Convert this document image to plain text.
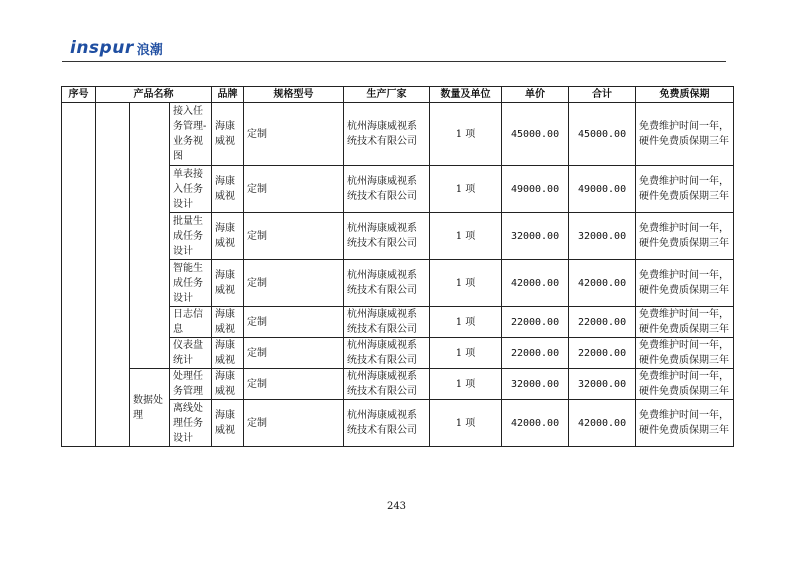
inspur 浪潮
序号	产品名称			品牌	规格型号	生产厂家	数量及单位	单价	合计	免费质保期
			接入任务管理-业务视图	海康威视	定制	杭州海康威视系统技术有限公司	1 项	45000.00	45000.00	免费维护时间一年，硬件免费质保期三年
			单表接入任务设计	海康威视	定制	杭州海康威视系统技术有限公司	1 项	49000.00	49000.00	免费维护时间一年，硬件免费质保期三年
			批量生成任务设计	海康威视	定制	杭州海康威视系统技术有限公司	1 项	32000.00	32000.00	免费维护时间一年，硬件免费质保期三年
			智能生成任务设计	海康威视	定制	杭州海康威视系统技术有限公司	1 项	42000.00	42000.00	免费维护时间一年，硬件免费质保期三年
			日志信息	海康威视	定制	杭州海康威视系统技术有限公司	1 项	22000.00	22000.00	免费维护时间一年，硬件免费质保期三年
			仪表盘统计	海康威视	定制	杭州海康威视系统技术有限公司	1 项	22000.00	22000.00	免费维护时间一年，硬件免费质保期三年
		数据处理	处理任务管理	海康威视	定制	杭州海康威视系统技术有限公司	1 项	32000.00	32000.00	免费维护时间一年，硬件免费质保期三年
			离线处理任务设计	海康威视	定制	杭州海康威视系统技术有限公司	1 项	42000.00	42000.00	免费维护时间一年，硬件免费质保期三年
243
